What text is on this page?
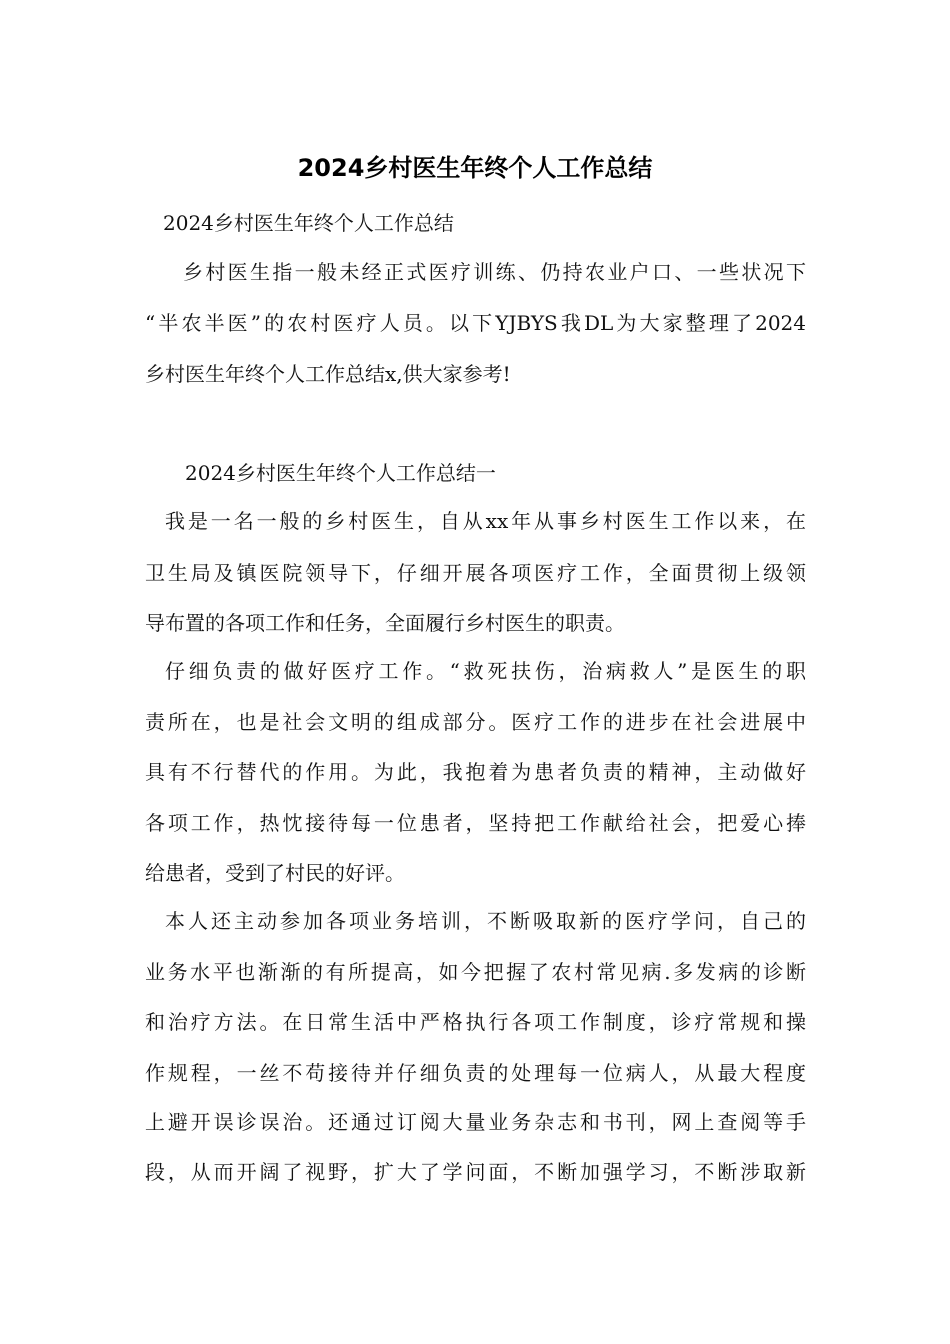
2024乡村医生年终个人工作总结
2024乡村医生年终个人工作总结
乡村医生指一般未经正式医疗训练、仍持农业户口、一些状况下
“半农半医”的农村医疗人员。以下YJBYS我DL为大家整理了2024
乡村医生年终个人工作总结x,供大家参考!
2024乡村医生年终个人工作总结一
我是一名一般的乡村医生，自从xx年从事乡村医生工作以来，在
卫生局及镇医院领导下，仔细开展各项医疗工作，全面贯彻上级领
导布置的各项工作和任务，全面履行乡村医生的职责。
仔细负责的做好医疗工作。“救死扶伤，治病救人”是医生的职
责所在，也是社会文明的组成部分。医疗工作的进步在社会进展中
具有不行替代的作用。为此，我抱着为患者负责的精神，主动做好
各项工作，热忱接待每一位患者，坚持把工作献给社会，把爱心捧
给患者，受到了村民的好评。
本人还主动参加各项业务培训，不断吸取新的医疗学问，自己的
业务水平也渐渐的有所提高，如今把握了农村常见病.多发病的诊断
和治疗方法。在日常生活中严格执行各项工作制度，诊疗常规和操
作规程，一丝不苟接待并仔细负责的处理每一位病人，从最大程度
上避开误诊误治。还通过订阅大量业务杂志和书刊，网上查阅等手
段，从而开阔了视野，扩大了学问面，不断加强学习，不断涉取新
